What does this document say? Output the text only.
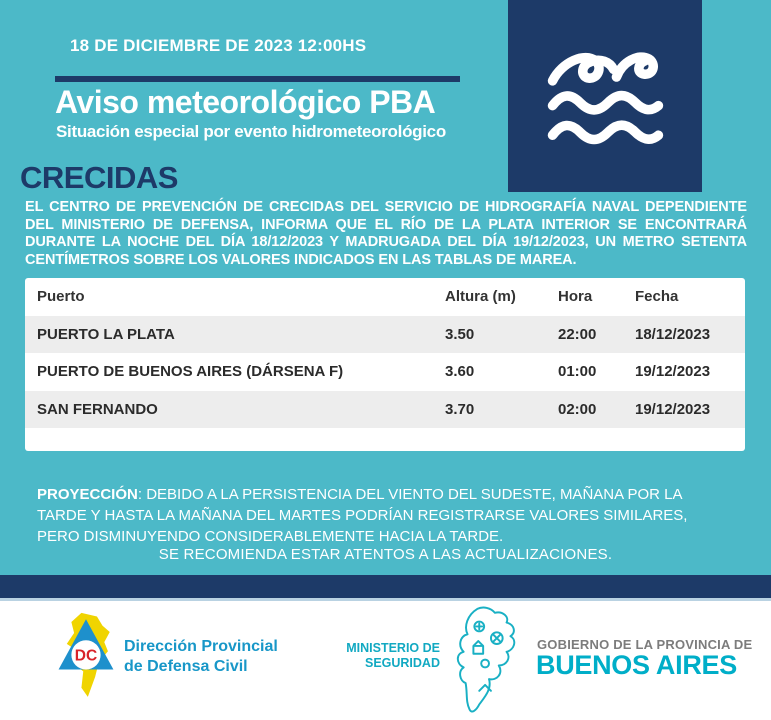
18 DE DICIEMBRE DE 2023 12:00HS
Aviso meteorológico PBA
Situación especial por evento hidrometeorológico
CRECIDAS
EL CENTRO DE PREVENCIÓN DE CRECIDAS DEL SERVICIO DE HIDROGRAFÍA NAVAL DEPENDIENTE DEL MINISTERIO DE DEFENSA, INFORMA QUE EL RÍO DE LA PLATA INTERIOR SE ENCONTRARÁ DURANTE LA NOCHE DEL DÍA 18/12/2023 Y MADRUGADA DEL DÍA 19/12/2023, UN METRO SETENTA CENTÍMETROS SOBRE LOS VALORES INDICADOS EN LAS TABLAS DE MAREA.
Puerto	Altura (m)	Hora	Fecha
PUERTO LA PLATA	3.50	22:00	18/12/2023
PUERTO DE BUENOS AIRES (DÁRSENA F)	3.60	01:00	19/12/2023
SAN FERNANDO	3.70	02:00	19/12/2023
PROYECCIÓN: DEBIDO A LA PERSISTENCIA DEL VIENTO DEL SUDESTE, MAÑANA POR LA TARDE Y HASTA LA MAÑANA DEL MARTES PODRÍAN REGISTRARSE VALORES SIMILARES, PERO DISMINUYENDO CONSIDERABLEMENTE HACIA LA TARDE.
SE RECOMIENDA ESTAR ATENTOS A LAS ACTUALIZACIONES.
DC
Dirección Provincial
de Defensa Civil
MINISTERIO DE
SEGURIDAD
GOBIERNO DE LA PROVINCIA DE
BUENOS AIRES
